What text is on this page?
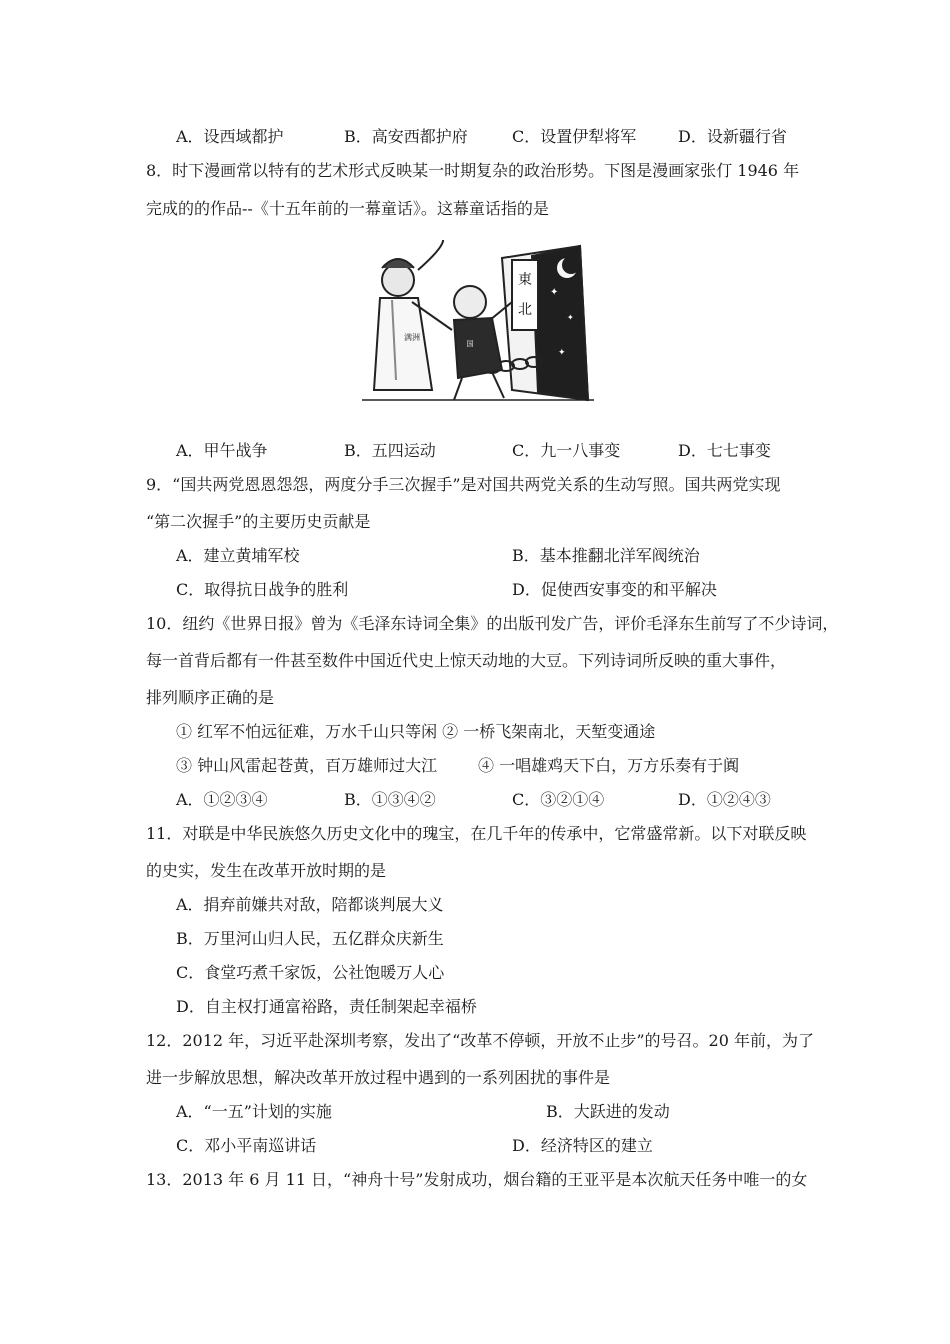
A．设西域都护	B．高安西都护府	C．设置伊犁将军	D．设新疆行省
8．时下漫画常以特有的艺术形式反映某一时期复杂的政治形势。下图是漫画家张仃 1946 年
完成的的作品--《十五年前的一幕童话》。这幕童话指的是
✦
✦
✦
東
北
满洲
国
A．甲午战争	B．五四运动	C．九一八事变	D．七七事变
9．“国共两党恩恩怨怨，两度分手三次握手”是对国共两党关系的生动写照。国共两党实现
“第二次握手”的主要历史贡献是
A．建立黄埔军校	B．基本推翻北洋军阀统治
C．取得抗日战争的胜利	D．促使西安事变的和平解决
10．纽约《世界日报》曾为《毛泽东诗词全集》的出版刊发广告，评价毛泽东生前写了不少诗词，
每一首背后都有一件甚至数件中国近代史上惊天动地的大豆。下列诗词所反映的重大事件，
排列顺序正确的是
① 红军不怕远征难，万水千山只等闲 ② 一桥飞架南北，天堑变通途
③ 钟山风雷起苍黄，百万雄师过大江	④ 一唱雄鸡天下白，万方乐奏有于阗
A．①②③④	B．①③④②	C．③②①④	D．①②④③
11．对联是中华民族悠久历史文化中的瑰宝，在几千年的传承中，它常盛常新。以下对联反映
的史实，发生在改革开放时期的是
A．捐弃前嫌共对敌，陪都谈判展大义
B．万里河山归人民，五亿群众庆新生
C．食堂巧煮千家饭，公社饱暖万人心
D．自主权打通富裕路，责任制架起幸福桥
12．2012 年，习近平赴深圳考察，发出了“改革不停顿，开放不止步”的号召。20 年前，为了
进一步解放思想，解决改革开放过程中遇到的一系列困扰的事件是
A．“一五”计划的实施	B．大跃进的发动
C．邓小平南巡讲话	D．经济特区的建立
13．2013 年 6 月 11 日，“神舟十号”发射成功，烟台籍的王亚平是本次航天任务中唯一的女
